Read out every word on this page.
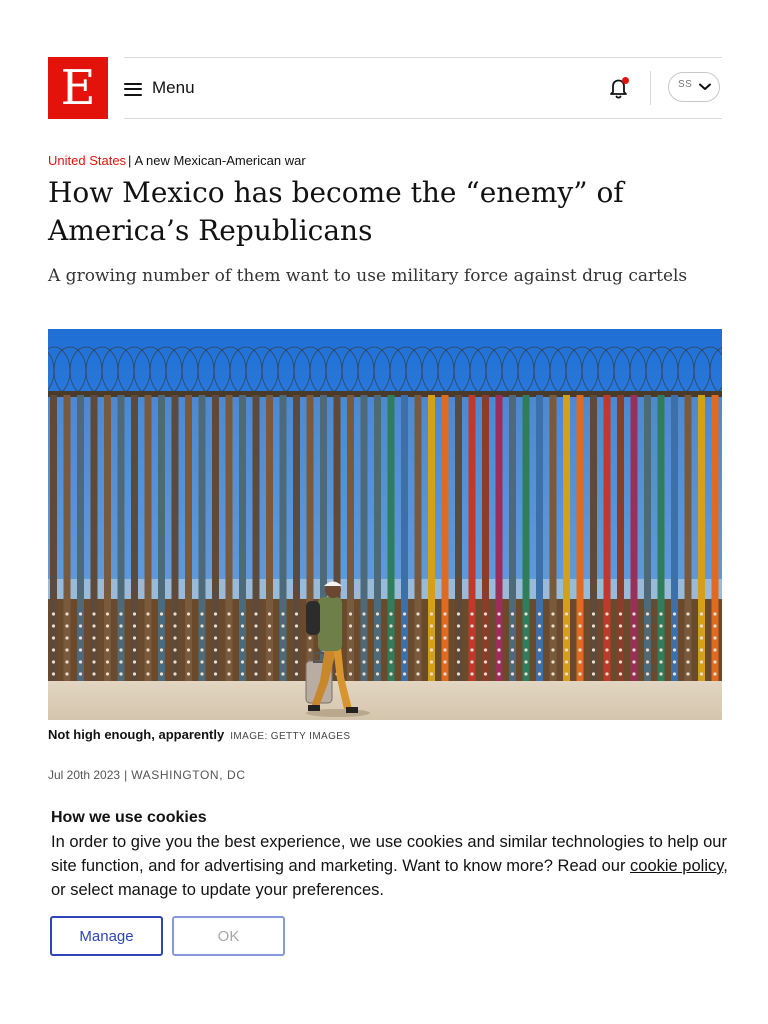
E	Menu	SS
United States | A new Mexican-American war
How Mexico has become the “enemy” of America’s Republicans

A growing number of them want to use military force against drug cartels

Not high enough, apparently IMAGE: GETTY IMAGES
Jul 20th 2023 | WASHINGTON, DC
How we use cookies

In order to give you the best experience, we use cookies and similar technologies to help our site function, and for advertising and marketing. Want to know more? Read our cookie policy, or select manage to update your preferences.

Manage	OK
